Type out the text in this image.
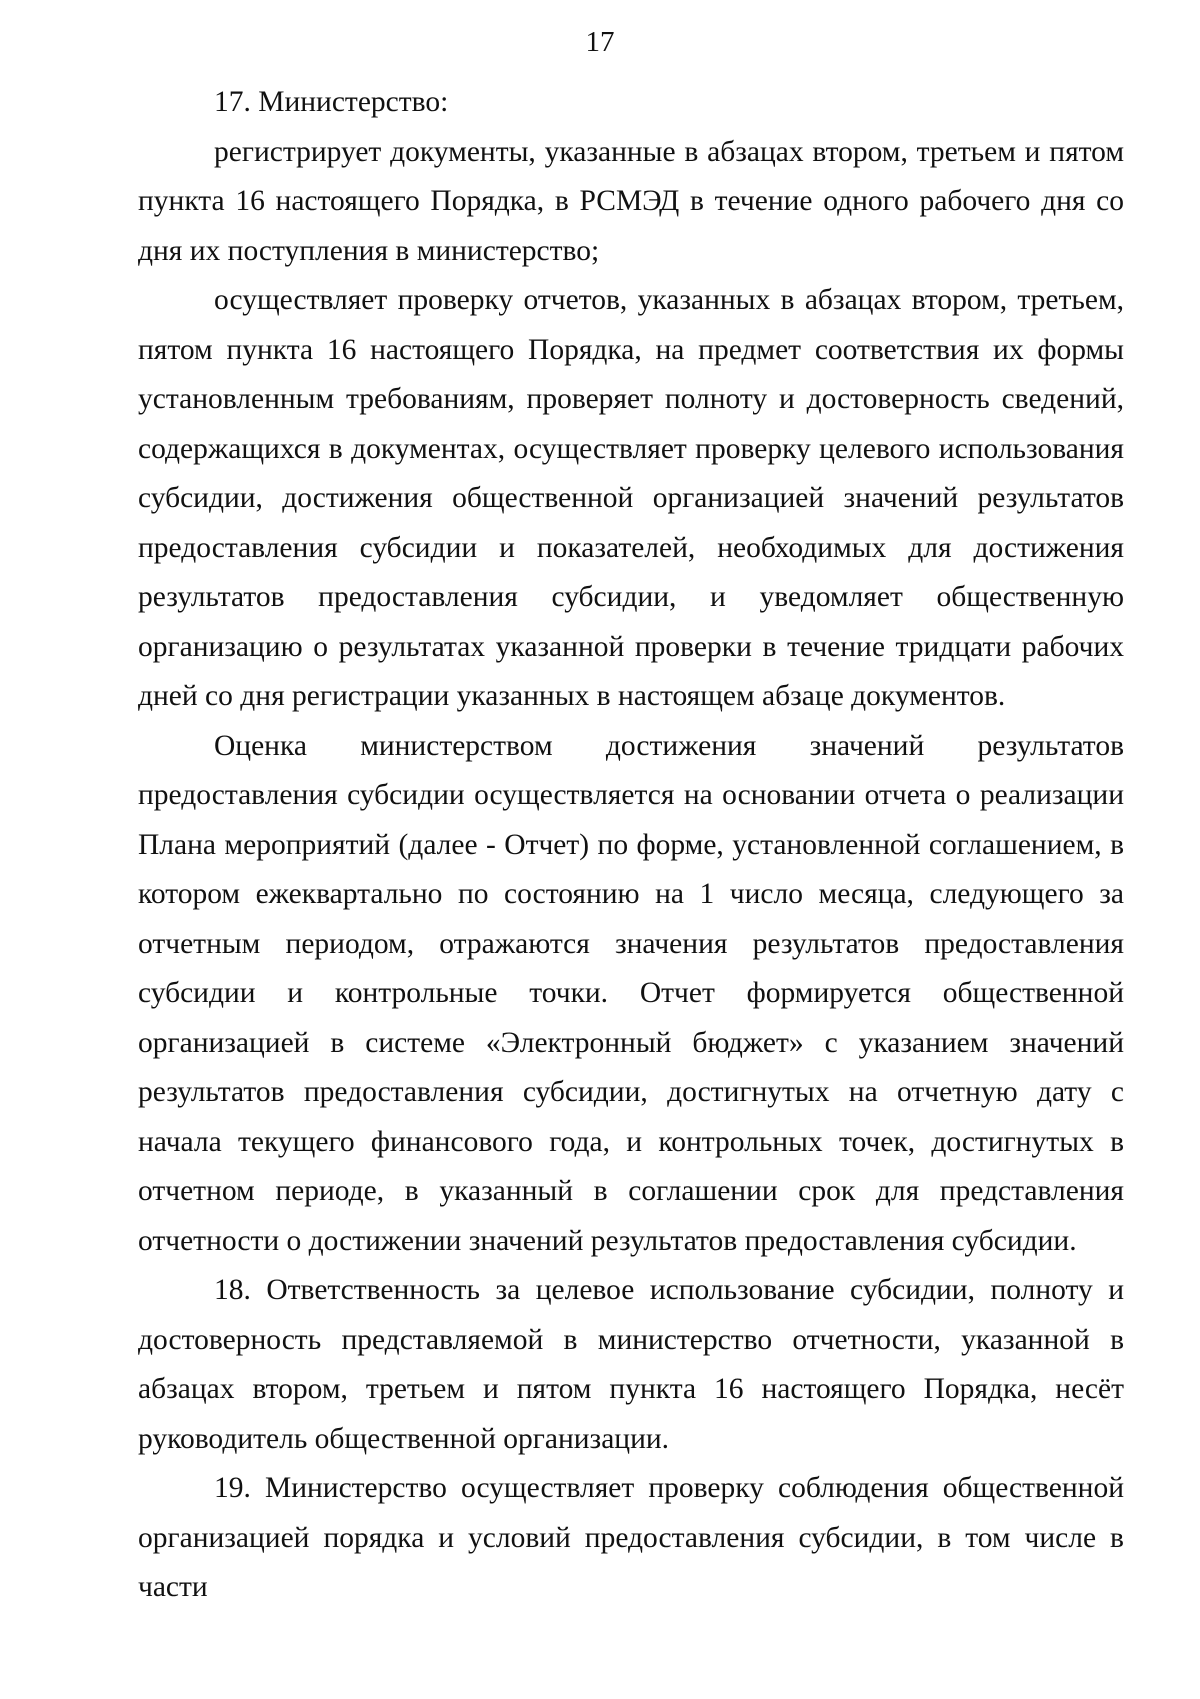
17

17. Министерство:

регистрирует документы, указанные в абзацах втором, третьем и пятом пункта 16 настоящего Порядка, в РСМЭД в течение одного рабочего дня со дня их поступления в министерство;

осуществляет проверку отчетов, указанных в абзацах втором, третьем, пятом пункта 16 настоящего Порядка, на предмет соответствия их формы установленным требованиям, проверяет полноту и достоверность сведений, содержащихся в документах, осуществляет проверку целевого использования субсидии, достижения общественной организацией значений результатов предоставления субсидии и показателей, необходимых для достижения результатов предоставления субсидии, и уведомляет общественную организацию о результатах указанной проверки в течение тридцати рабочих дней со дня регистрации указанных в настоящем абзаце документов.

Оценка министерством достижения значений результатов предоставления субсидии осуществляется на основании отчета о реализации Плана мероприятий (далее - Отчет) по форме, установленной соглашением, в котором ежеквартально по состоянию на 1 число месяца, следующего за отчетным периодом, отражаются значения результатов предоставления субсидии и контрольные точки. Отчет формируется общественной организацией в системе «Электронный бюджет» с указанием значений результатов предоставления субсидии, достигнутых на отчетную дату с начала текущего финансового года, и контрольных точек, достигнутых в отчетном периоде, в указанный в соглашении срок для представления отчетности о достижении значений результатов предоставления субсидии.

18. Ответственность за целевое использование субсидии, полноту и достоверность представляемой в министерство отчетности, указанной в абзацах втором, третьем и пятом пункта 16 настоящего Порядка, несёт руководитель общественной организации.

19. Министерство осуществляет проверку соблюдения общественной организацией порядка и условий предоставления субсидии, в том числе в части
